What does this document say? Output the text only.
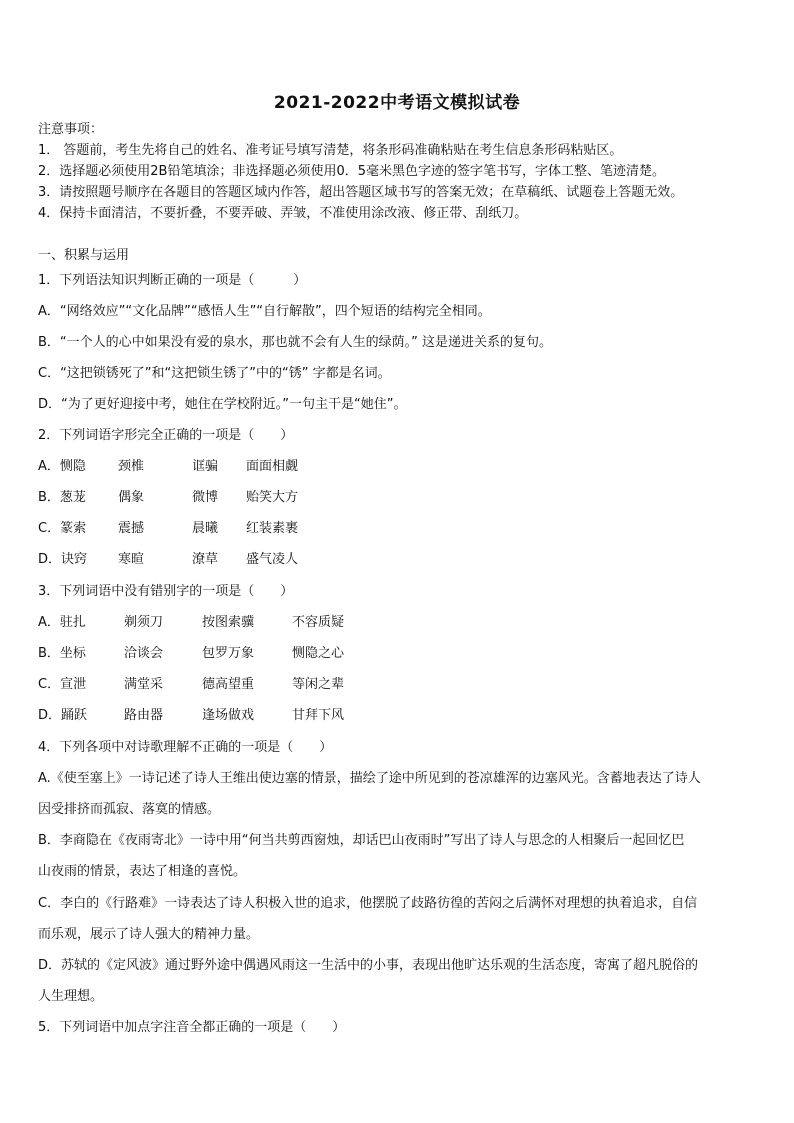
2021-2022中考语文模拟试卷
注意事项：
1． 答题前，考生先将自己的姓名、准考证号填写清楚，将条形码准确粘贴在考生信息条形码粘贴区。
2．选择题必须使用2B铅笔填涂；非选择题必须使用0．5毫米黑色字迹的签字笔书写，字体工整、笔迹清楚。
3．请按照题号顺序在各题目的答题区域内作答，超出答题区域书写的答案无效；在草稿纸、试题卷上答题无效。
4．保持卡面清洁，不要折叠，不要弄破、弄皱，不准使用涂改液、修正带、刮纸刀。
一、积累与运用
1．下列语法知识判断正确的一项是（　　　）
A．“网络效应”“文化品牌”“感悟人生”“自行解散”，四个短语的结构完全相同。
B．“一个人的心中如果没有爱的泉水，那也就不会有人生的绿荫。” 这是递进关系的复句。
C．“这把锁锈死了”和“这把锁生锈了”中的“锈” 字都是名词。
D．“为了更好迎接中考，她住在学校附近。”一句主干是“她住”。
2．下列词语字形完全正确的一项是（　　）
A．恻隐 颈椎	诓骗 面面相觑
B．葱茏 偶象	微博 贻笑大方
C．篆索 震撼	晨曦 红装素裹
D．诀窍 寒暄	潦草 盛气凌人
3．下列词语中没有错别字的一项是（　　）
A．驻扎	剃须刀	按图索骥	不容质疑
B．坐标	洽谈会	包罗万象	恻隐之心
C．宣泄	满堂采	德高望重	等闲之辈
D．踊跃	路由器	逢场做戏	甘拜下风
4．下列各项中对诗歌理解不正确的一项是（　　）
A.《使至塞上》一诗记述了诗人王维出使边塞的情景，描绘了途中所见到的苍凉雄浑的边塞风光。含蓄地表达了诗人
因受排挤而孤寂、落寞的情感。
B．李商隐在《夜雨寄北》一诗中用“何当共剪西窗烛，却话巴山夜雨时”写出了诗人与思念的人相聚后一起回忆巴
山夜雨的情景，表达了相逢的喜悦。
C．李白的《行路难》一诗表达了诗人积极入世的追求，他摆脱了歧路彷徨的苦闷之后满怀对理想的执着追求，自信
而乐观，展示了诗人强大的精神力量。
D．苏轼的《定风波》通过野外途中偶遇风雨这一生活中的小事，表现出他旷达乐观的生活态度，寄寓了超凡脱俗的
人生理想。
5．下列词语中加点字注音全都正确的一项是（　　）
